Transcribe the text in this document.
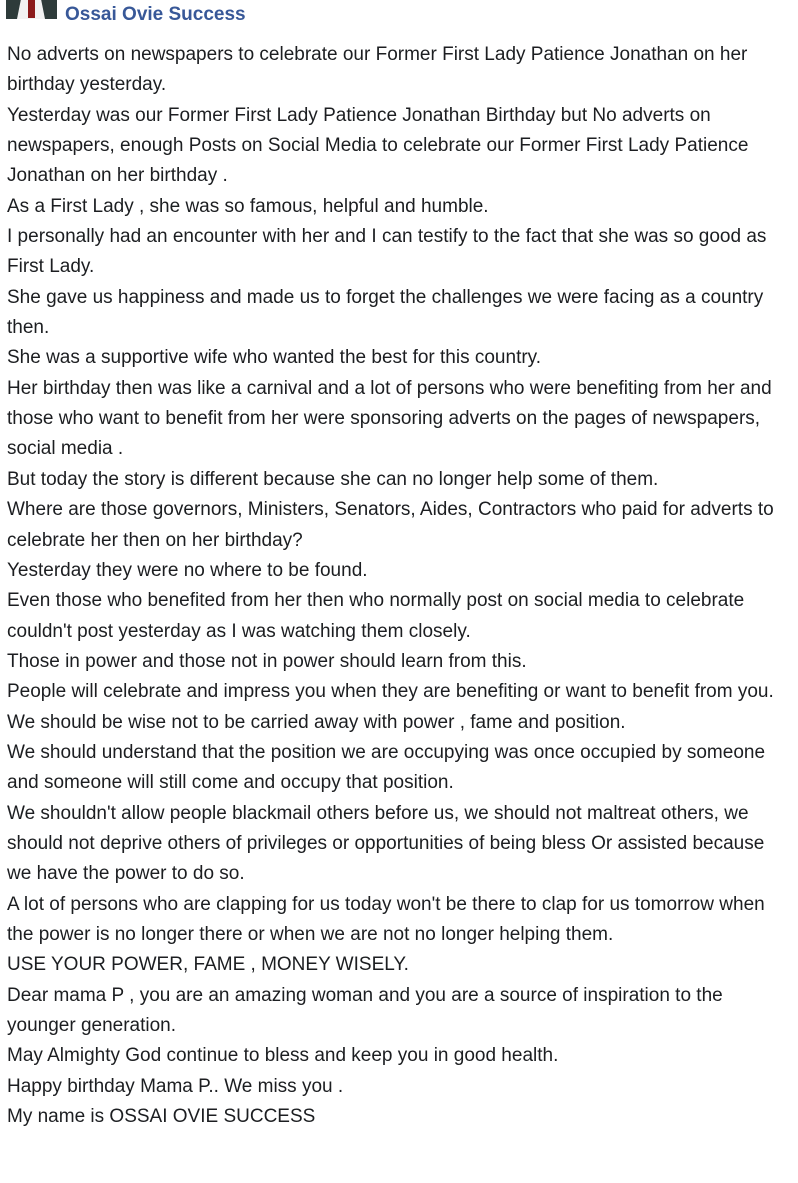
Ossai Ovie Success

No adverts on newspapers to celebrate our Former First Lady Patience Jonathan on her birthday yesterday.

Yesterday was our Former First Lady Patience Jonathan Birthday but No adverts on newspapers, enough Posts on Social Media to celebrate our Former First Lady Patience Jonathan on her birthday .

As a First Lady , she was so famous, helpful and humble.

I personally had an encounter with her and I can testify to the fact that she was so good as First Lady.

She gave us happiness and made us to forget the challenges we were facing as a country then.

She was a supportive wife who wanted the best for this country.

Her birthday then was like a carnival and a lot of persons who were benefiting from her and those who want to benefit from her were sponsoring adverts on the pages of newspapers, social media .

But today the story is different because she can no longer help some of them.

Where are those governors, Ministers, Senators, Aides, Contractors who paid for adverts to celebrate her then on her birthday?

Yesterday they were no where to be found.

Even those who benefited from her then who normally post on social media to celebrate couldn't post yesterday as I was watching them closely.

Those in power and those not in power should learn from this.

People will celebrate and impress you when they are benefiting or want to benefit from you.

We should be wise not to be carried away with power , fame and position.

We should understand that the position we are occupying was once occupied by someone and someone will still come and occupy that position.

We shouldn't allow people blackmail others before us, we should not maltreat others, we should not deprive others of privileges or opportunities of being bless Or assisted because we have the power to do so.

A lot of persons who are clapping for us today won't be there to clap for us tomorrow when the power is no longer there or when we are not no longer helping them.

USE YOUR POWER, FAME , MONEY WISELY.

Dear mama P , you are an amazing woman and you are a source of inspiration to the younger generation.

May Almighty God continue to bless and keep you in good health.

Happy birthday Mama P.. We miss you .

My name is OSSAI OVIE SUCCESS
